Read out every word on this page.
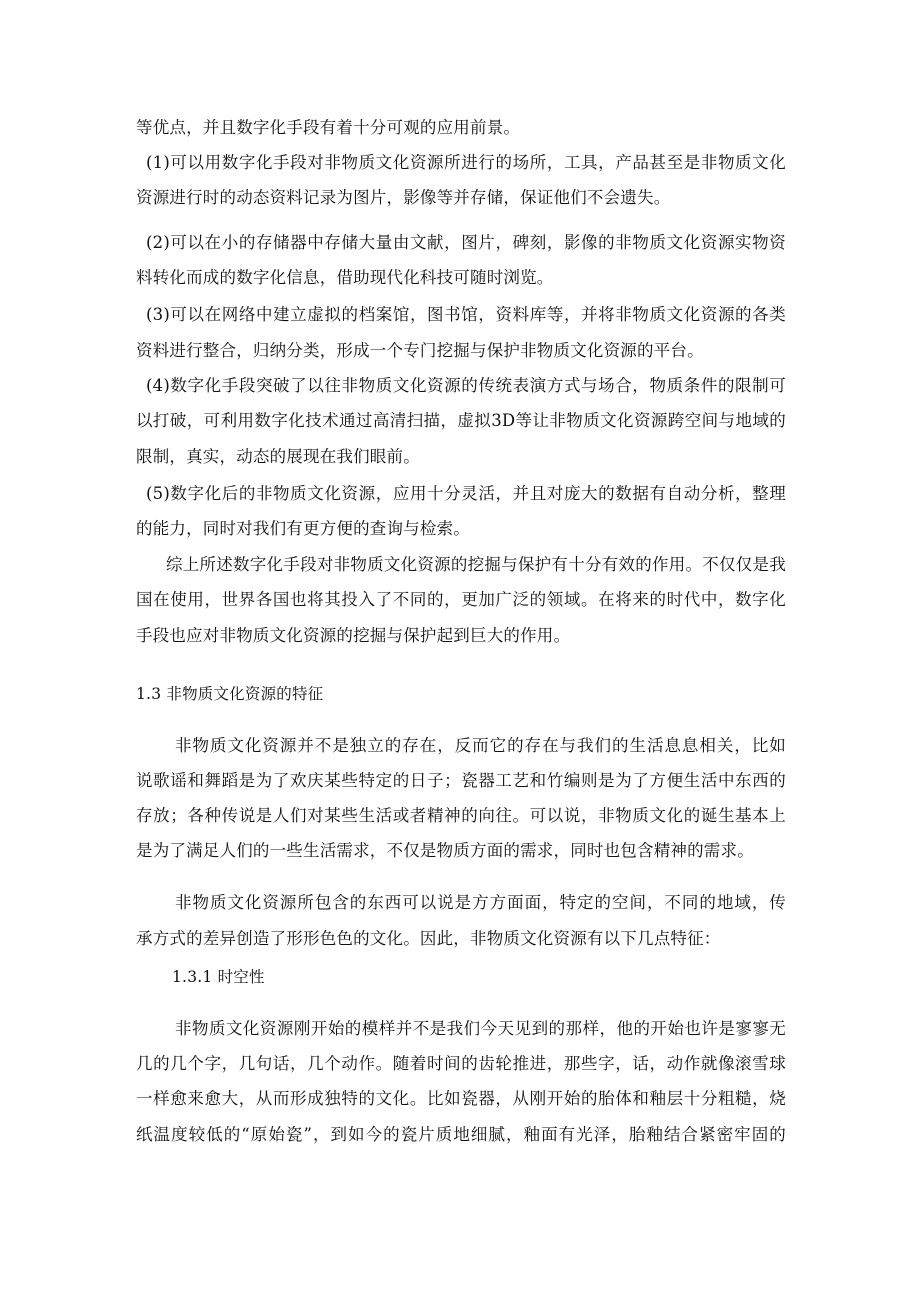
等优点，并且数字化手段有着十分可观的应用前景。
(1)可以用数字化手段对非物质文化资源所进行的场所，工具，产品甚至是非物质文化
资源进行时的动态资料记录为图片，影像等并存储，保证他们不会遗失。
(2)可以在小的存储器中存储大量由文献，图片，碑刻，影像的非物质文化资源实物资
料转化而成的数字化信息，借助现代化科技可随时浏览。
(3)可以在网络中建立虚拟的档案馆，图书馆，资料库等，并将非物质文化资源的各类
资料进行整合，归纳分类，形成一个专门挖掘与保护非物质文化资源的平台。
(4)数字化手段突破了以往非物质文化资源的传统表演方式与场合，物质条件的限制可
以打破，可利用数字化技术通过高清扫描，虚拟3D等让非物质文化资源跨空间与地域的
限制，真实，动态的展现在我们眼前。
(5)数字化后的非物质文化资源，应用十分灵活，并且对庞大的数据有自动分析，整理
的能力，同时对我们有更方便的查询与检索。
综上所述数字化手段对非物质文化资源的挖掘与保护有十分有效的作用。不仅仅是我
国在使用，世界各国也将其投入了不同的，更加广泛的领域。在将来的时代中，数字化
手段也应对非物质文化资源的挖掘与保护起到巨大的作用。
1.3 非物质文化资源的特征
非物质文化资源并不是独立的存在，反而它的存在与我们的生活息息相关，比如
说歌谣和舞蹈是为了欢庆某些特定的日子；瓷器工艺和竹编则是为了方便生活中东西的
存放；各种传说是人们对某些生活或者精神的向往。可以说，非物质文化的诞生基本上
是为了满足人们的一些生活需求，不仅是物质方面的需求，同时也包含精神的需求。
非物质文化资源所包含的东西可以说是方方面面，特定的空间，不同的地域，传
承方式的差异创造了形形色色的文化。因此，非物质文化资源有以下几点特征：
1.3.1 时空性
非物质文化资源刚开始的模样并不是我们今天见到的那样，他的开始也许是寥寥无
几的几个字，几句话，几个动作。随着时间的齿轮推进，那些字，话，动作就像滚雪球
一样愈来愈大，从而形成独特的文化。比如瓷器，从刚开始的胎体和釉层十分粗糙，烧
纸温度较低的“原始瓷”，到如今的瓷片质地细腻，釉面有光泽，胎釉结合紧密牢固的
